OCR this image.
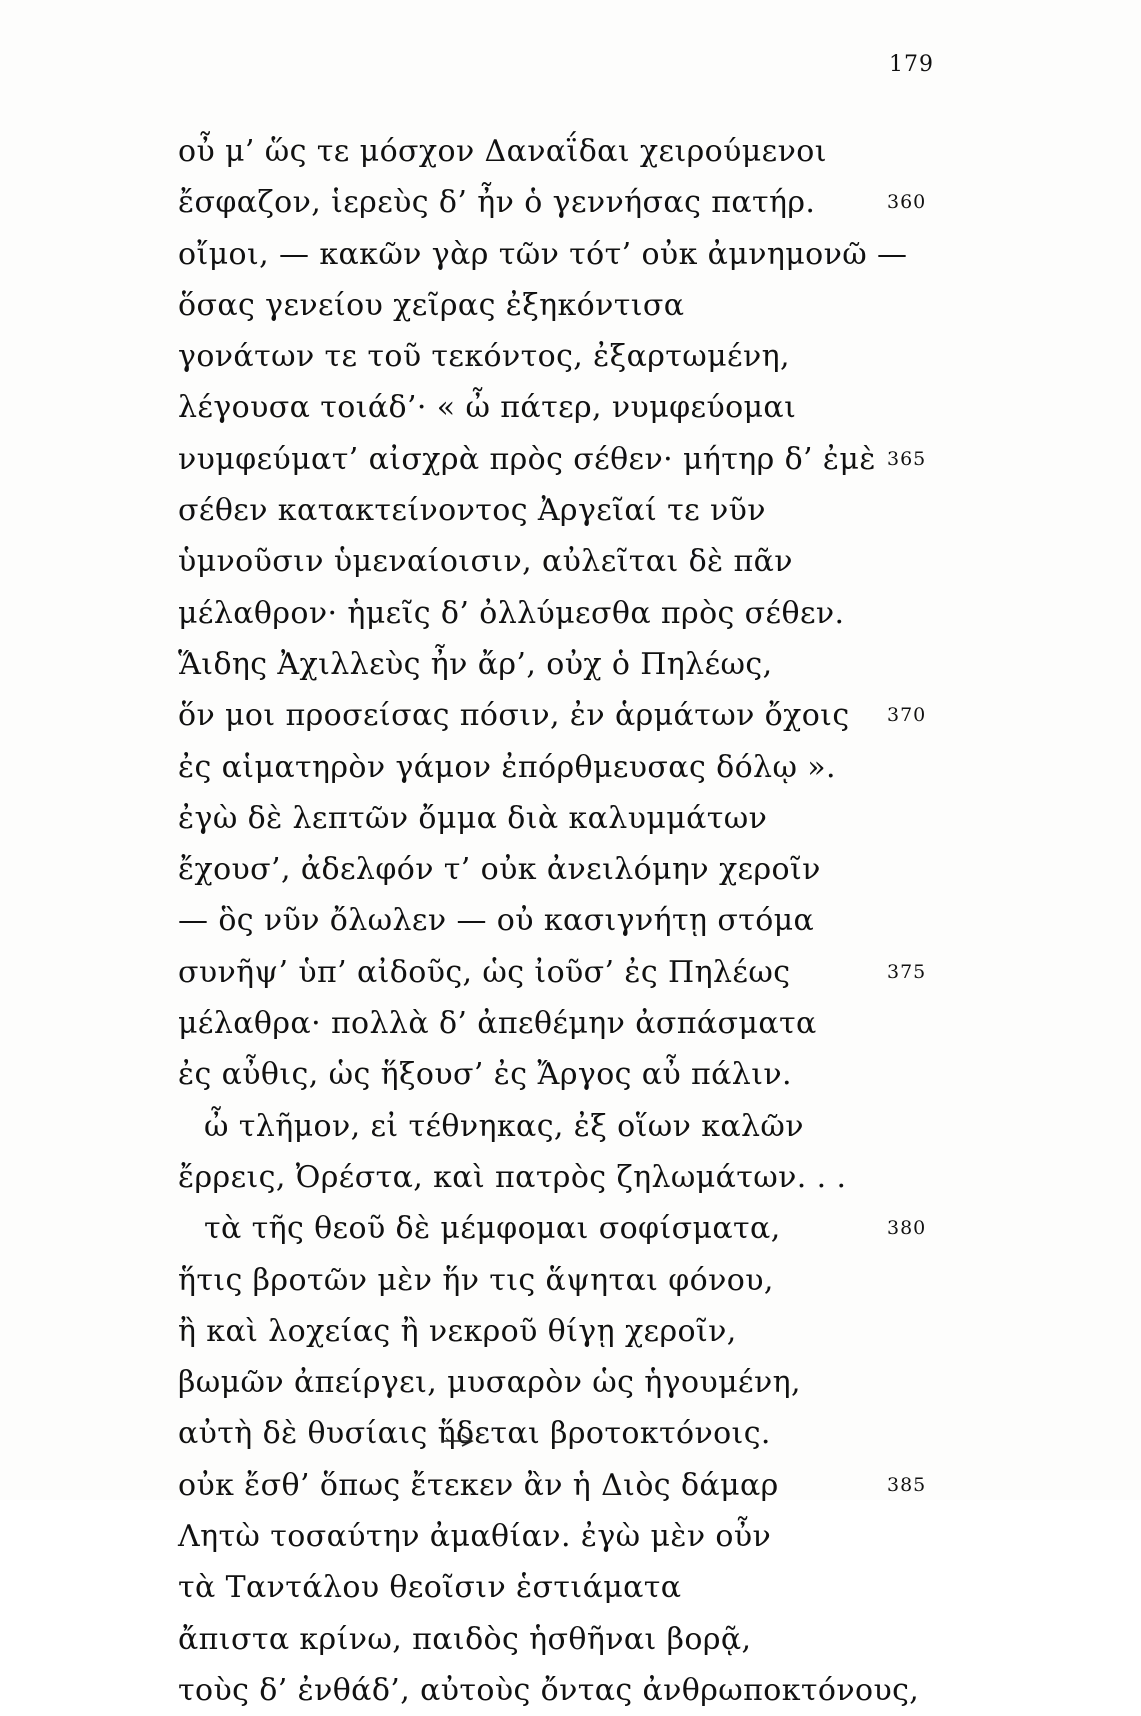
179
οὖ μ’ ὥς τε μόσχον Δαναΐδαι χειρούμενοι
ἔσφαζον, ἱερεὺς δ’ ἦν ὁ γεννήσας πατήρ.
οἴμοι, — κακῶν γὰρ τῶν τότ’ οὐκ ἀμνημονῶ —
ὅσας γενείου χεῖρας ἐξηκόντισα
γονάτων τε τοῦ τεκόντος, ἐξαρτωμένη,
λέγουσα τοιάδ’· « ὦ πάτερ, νυμφεύομαι
νυμφεύματ’ αἰσχρὰ πρὸς σέθεν· μήτηρ δ’ ἐμὲ
σέθεν κατακτείνοντος Ἀργεῖαί τε νῦν
ὑμνοῦσιν ὑμεναίοισιν, αὐλεῖται δὲ πᾶν
μέλαθρον· ἡμεῖς δ’ ὀλλύμεσθα πρὸς σέθεν.
Ἅιδης Ἀχιλλεὺς ἦν ἄρ’, οὐχ ὁ Πηλέως,
ὅν μοι προσείσας πόσιν, ἐν ἁρμάτων ὄχοις
ἐς αἱματηρὸν γάμον ἐπόρθμευσας δόλῳ ».
ἐγὼ δὲ λεπτῶν ὄμμα διὰ καλυμμάτων
ἔχουσ’, ἀδελφόν τ’ οὐκ ἀνειλόμην χεροῖν
— ὃς νῦν ὄλωλεν — οὐ κασιγνήτῃ στόμα
συνῆψ’ ὑπ’ αἰδοῦς, ὡς ἰοῦσ’ ἐς Πηλέως
μέλαθρα· πολλὰ δ’ ἀπεθέμην ἀσπάσματα
ἐς αὖθις, ὡς ἥξουσ’ ἐς Ἄργος αὖ πάλιν.
ὦ τλῆμον, εἰ τέθνηκας, ἐξ οἵων καλῶν
ἔρρεις, Ὀρέστα, καὶ πατρὸς ζηλωμάτων. . .
τὰ τῆς θεοῦ δὲ μέμφομαι σοφίσματα,
ἥτις βροτῶν μὲν ἥν τις ἅψηται φόνου,
ἢ καὶ λοχείας ἢ νεκροῦ θίγῃ χεροῖν,
βωμῶν ἀπείργει, μυσαρὸν ὡς ἡγουμένη,
αὐτὴ δὲ θυσίαις ἥδεται βροτοκτόνοις.
οὐκ ἔσθ’ ὅπως ἔτεκεν ἂν ἡ Διὸς δάμαρ
Λητὼ τοσαύτην ἀμαθίαν. ἐγὼ μὲν οὖν
τὰ Ταντάλου θεοῖσιν ἑστιάματα
ἄπιστα κρίνω, παιδὸς ἡσθῆναι βορᾷ,
τοὺς δ’ ἐνθάδ’, αὐτοὺς ὄντας ἀνθρωποκτόνους,
360
365
370
375
380
385
